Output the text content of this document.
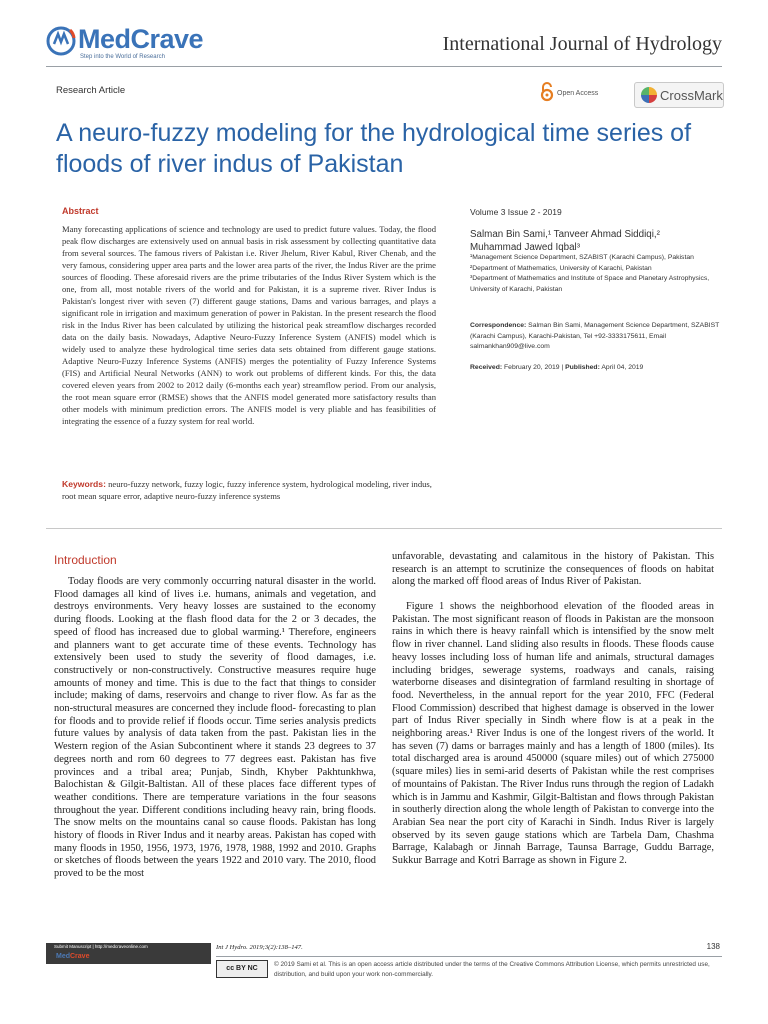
MedCrave
Step into the World of Research
International Journal of Hydrology
Research Article	Open Access	CrossMark
A neuro-fuzzy modeling for the hydrological time series of floods of river indus of Pakistan
Abstract
Many forecasting applications of science and technology are used to predict future values. Today, the flood peak flow discharges are extensively used on annual basis in risk assessment by collecting quantitative data from several sources. The famous rivers of Pakistan i.e. River Jhelum, River Kabul, River Chenab, and the very famous, considering upper area parts and the lower area parts of the river, the Indus River are the prime sources of flooding. These aforesaid rivers are the prime tributaries of the Indus River System which is the one, from all, most notable rivers of the world and for Pakistan, it is a supreme river. River Indus is Pakistan's longest river with seven (7) different gauge stations, Dams and various barrages, and plays a significant role in irrigation and maximum generation of power in Pakistan. In the present research the flood risk in the Indus River has been calculated by utilizing the historical peak streamflow discharges recorded data on the daily basis. Nowadays, Adaptive Neuro-Fuzzy Inference System (ANFIS) model which is widely used to analyze these hydrological time series data sets obtained from different gauge stations. Adaptive Neuro-Fuzzy Inference Systems (ANFIS) merges the potentiality of Fuzzy Inference Systems (FIS) and Artificial Neural Networks (ANN) to work out problems of different kinds. For this, the data covered eleven years from 2002 to 2012 daily (6-months each year) streamflow period. From our analysis, the root mean square error (RMSE) shows that the ANFIS model generated more satisfactory results than other models with minimum prediction errors. The ANFIS model is very pliable and has feasibilities of integrating the essence of a fuzzy system for real world.
Keywords: neuro-fuzzy network, fuzzy logic, fuzzy inference system, hydrological modeling, river indus, root mean square error, adaptive neuro-fuzzy inference systems
Volume 3 Issue 2 - 2019
Salman Bin Sami,¹ Tanveer Ahmad Siddiqi,²
Muhammad Jawed Iqbal³
¹Management Science Department, SZABIST (Karachi Campus), Pakistan
²Department of Mathematics, University of Karachi, Pakistan
³Department of Mathematics and Institute of Space and Planetary Astrophysics, University of Karachi, Pakistan
Correspondence: Salman Bin Sami, Management Science Department, SZABIST (Karachi Campus), Karachi-Pakistan, Tel +92-3333175611, Email salmankhan909@live.com
Received: February 20, 2019 | Published: April 04, 2019
Introduction
Today floods are very commonly occurring natural disaster in the world. Flood damages all kind of lives i.e. humans, animals and vegetation, and destroys environments. Very heavy losses are sustained to the economy during floods. Looking at the flash flood data for the 2 or 3 decades, the speed of flood has increased due to global warming.¹ Therefore, engineers and planners want to get accurate time of these events. Technology has extensively been used to study the severity of flood damages, i.e. constructively or non-constructively. Constructive measures require huge amounts of money and time. This is due to the fact that things to consider include; making of dams, reservoirs and change to river flow. As far as the non-structural measures are concerned they include flood- forecasting to plan for floods and to provide relief if floods occur. Time series analysis predicts future values by analysis of data taken from the past. Pakistan lies in the Western region of the Asian Subcontinent where it stands 23 degrees to 37 degrees north and rom 60 degrees to 77 degrees east. Pakistan has five provinces and a tribal area; Punjab, Sindh, Khyber Pakhtunkhwa, Balochistan & Gilgit-Baltistan. All of these places face different types of weather conditions. There are temperature variations in the four seasons throughout the year. Different conditions including heavy rain, bring floods. The snow melts on the mountains canal so cause floods. Pakistan has long history of floods in River Indus and it nearby areas. Pakistan has coped with many floods in 1950, 1956, 1973, 1976, 1978, 1988, 1992 and 2010. Graphs or sketches of floods between the years 1922 and 2010 vary. The 2010, flood proved to be the most
unfavorable, devastating and calamitous in the history of Pakistan. This research is an attempt to scrutinize the consequences of floods on habitat along the marked off flood areas of Indus River of Pakistan.
Figure 1 shows the neighborhood elevation of the flooded areas in Pakistan. The most significant reason of floods in Pakistan are the monsoon rains in which there is heavy rainfall which is intensified by the snow melt flow in river channel. Land sliding also results in floods. These floods cause heavy losses including loss of human life and animals, structural damages including bridges, sewerage systems, roadways and canals, raising waterborne diseases and disintegration of farmland resulting in shortage of food. Nevertheless, in the annual report for the year 2010, FFC (Federal Flood Commission) described that highest damage is observed in the lower part of Indus River specially in Sindh where flow is at a peak in the neighboring areas.¹ River Indus is one of the longest rivers of the world. It has seven (7) dams or barrages mainly and has a length of 1800 (miles). Its total discharged area is around 450000 (square miles) out of which 275000 (square miles) lies in semi-arid deserts of Pakistan while the rest comprises of mountains of Pakistan. The River Indus runs through the region of Ladakh which is in Jammu and Kashmir, Gilgit-Baltistan and flows through Pakistan in southerly direction along the whole length of Pakistan to converge into the Arabian Sea near the port city of Karachi in Sindh. Indus River is largely observed by its seven gauge stations which are Tarbela Dam, Chashma Barrage, Kalabagh or Jinnah Barrage, Taunsa Barrage, Guddu Barrage, Sukkur Barrage and Kotri Barrage as shown in Figure 2.
Submit Manuscript | http://medcraveonline.com
MedCrave
Int J Hydro. 2019;3(2):138–147.	138
cc BY NC
© 2019 Sami et al. This is an open access article distributed under the terms of the Creative Commons Attribution License, which permits unrestricted use, distribution, and build upon your work non-commercially.
